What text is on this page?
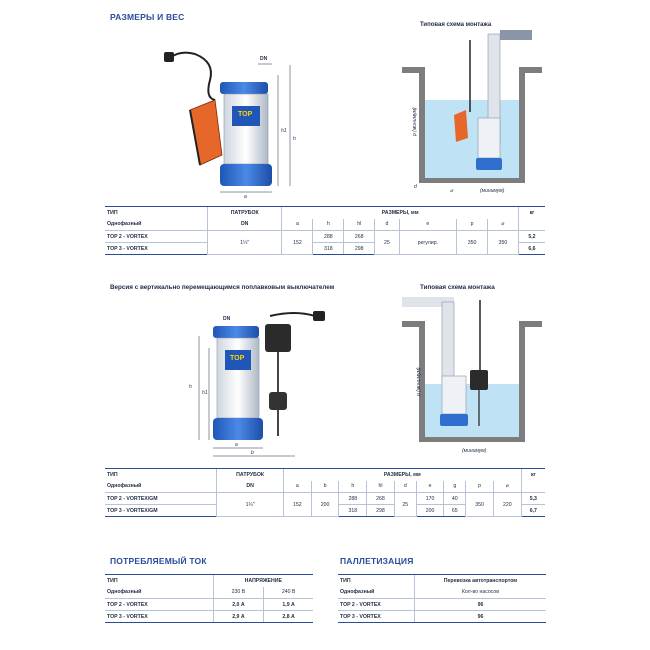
РАЗМЕРЫ И ВЕС
Типовая схема монтажа
TOP
h1
h
a
DN
p (минимум)
(минимум)
⌀
d
ТИП	ПАТРУБОК	РАЗМЕРЫ, мм							кг
Однофазный	DN	a	h	hl	d	e	p	⌀	
TOP 2 - VORTEX	1¼"	152	288	268	25	регулир.	350	350	5,2
TOP 3 - VORTEX			318	298					6,6
Версия с вертикально перемещающимся поплавковым выключателем	Типовая схема монтажа
TOP
h
h1
a
b
DN
p (минимум)
(минимум)
ТИП	ПАТРУБОК	РАЗМЕРЫ, мм									кг
Однофазный	DN	a	b	h	hl	d	e	g	p	⌀	
TOP 2 - VORTEX/GM	1¼"	152	200	288	268	25	170	40	350	220	5,3
TOP 3 - VORTEX/GM				318	298		200	65			6,7
ПОТРЕБЛЯЕМЫЙ ТОК
ТИП	НАПРЯЖЕНИЕ	
Однофазный	230 В	240 В
TOP 2 - VORTEX	2,0 А	1,9 А
TOP 3 - VORTEX	2,9 А	2,8 А
ПАЛЛЕТИЗАЦИЯ
ТИП	Перевозка автотранспортом
Однофазный	Кол-во насосов
TOP 2 - VORTEX	96
TOP 3 - VORTEX	96
